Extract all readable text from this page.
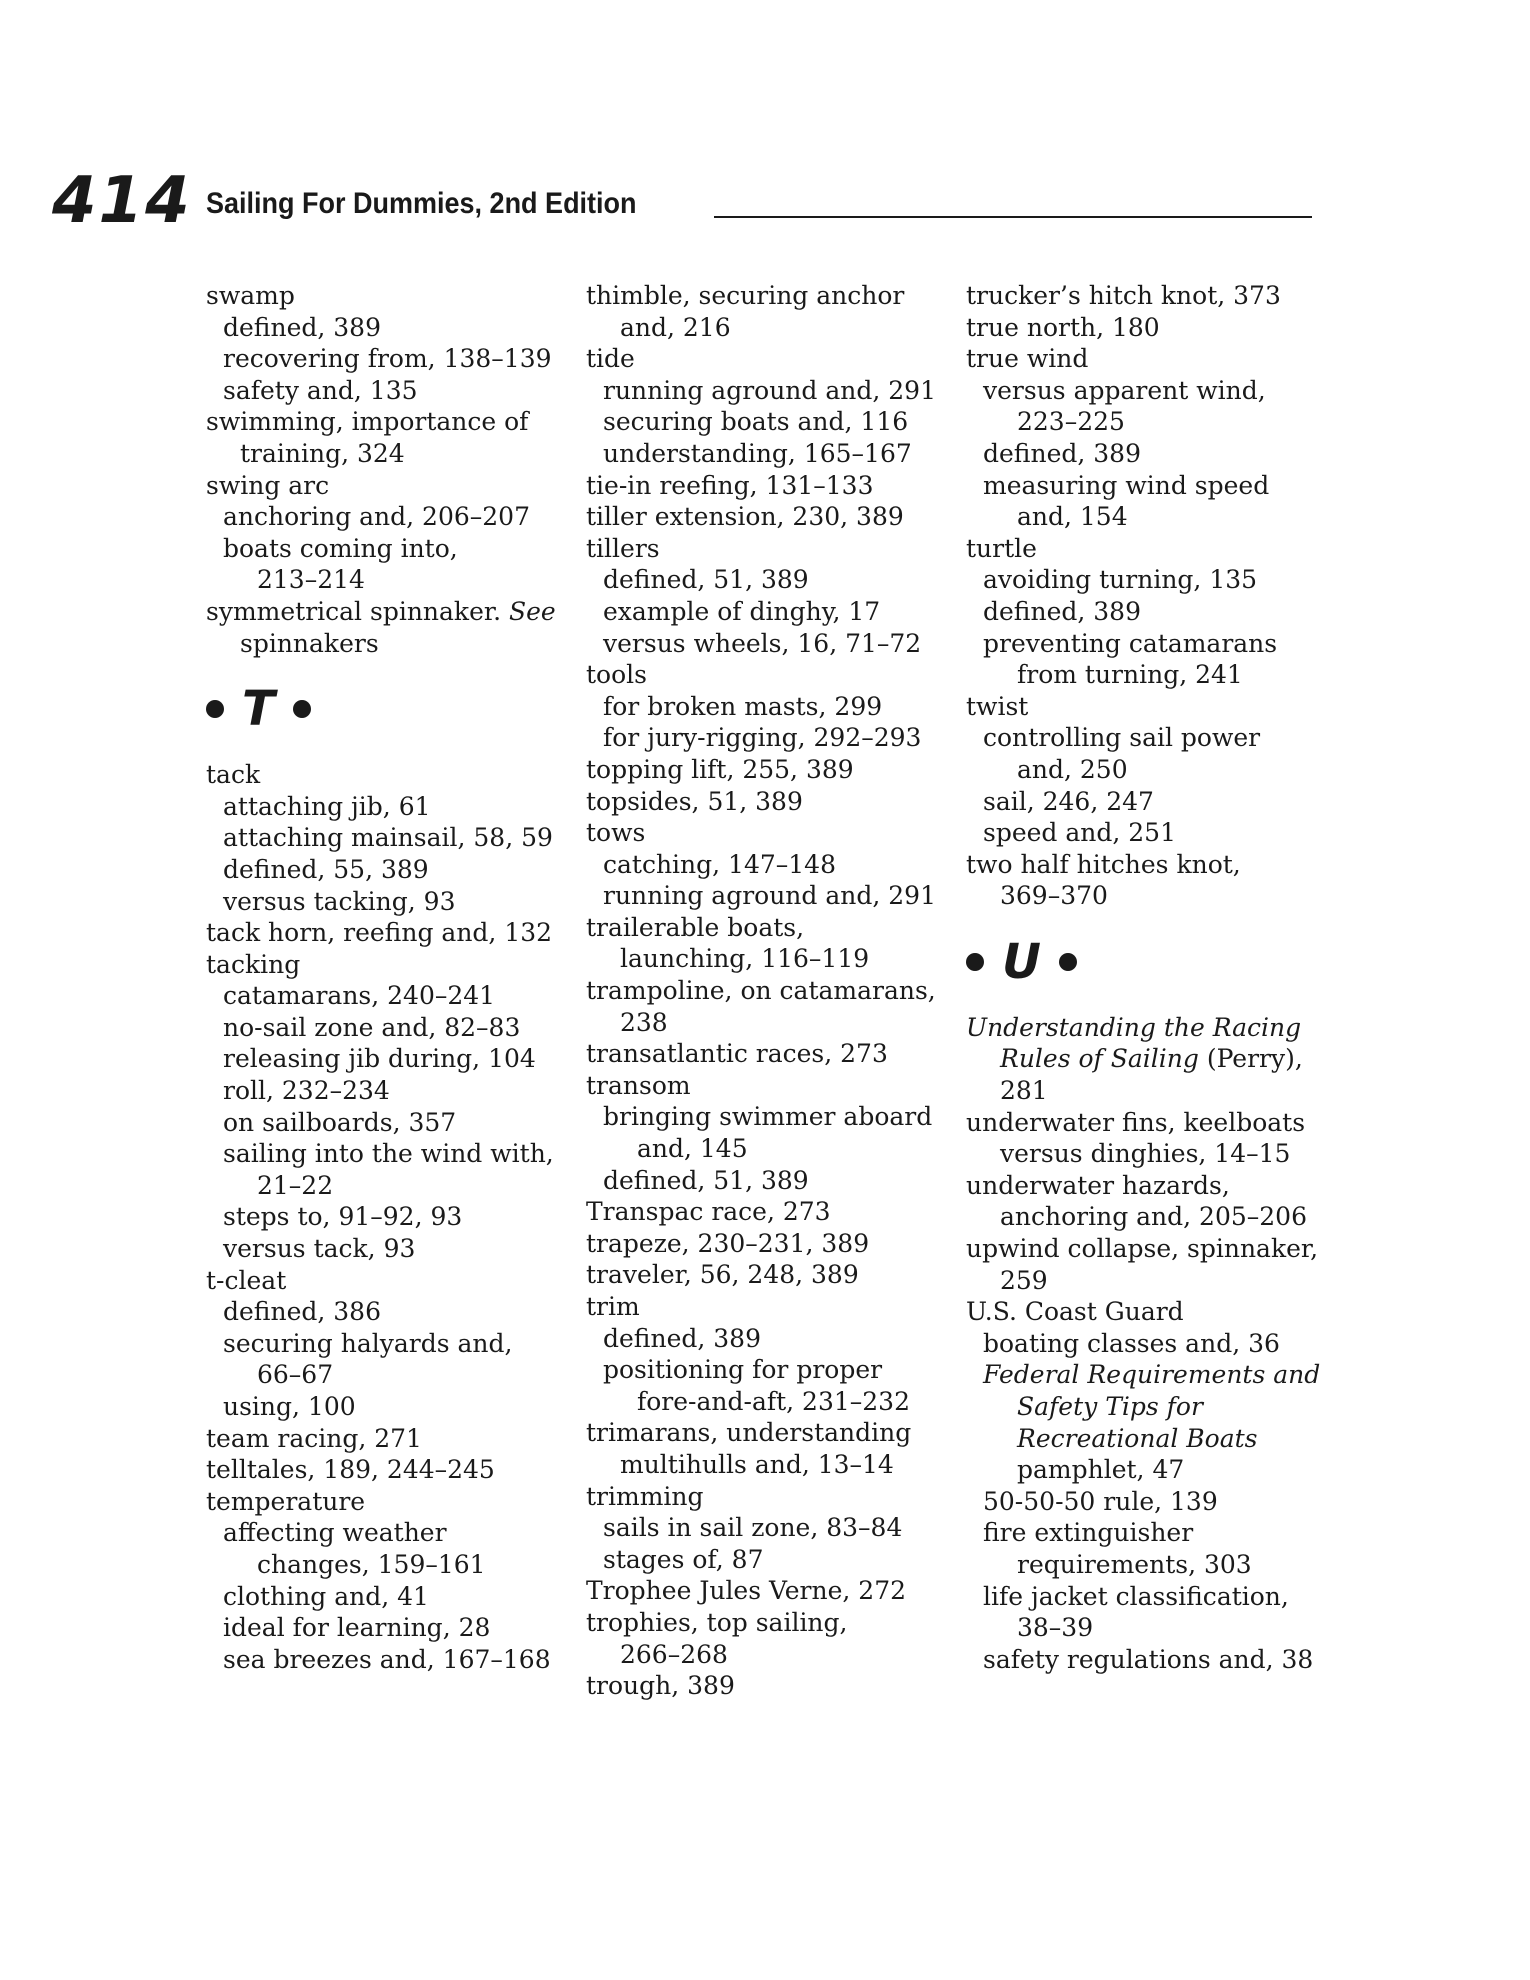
414 Sailing For Dummies, 2nd Edition
swamp
defined, 389
recovering from, 138–139
safety and, 135
swimming, importance of
training, 324
swing arc
anchoring and, 206–207
boats coming into,
213–214
symmetrical spinnaker. See
spinnakers
T
tack
attaching jib, 61
attaching mainsail, 58, 59
defined, 55, 389
versus tacking, 93
tack horn, reefing and, 132
tacking
catamarans, 240–241
no-sail zone and, 82–83
releasing jib during, 104
roll, 232–234
on sailboards, 357
sailing into the wind with,
21–22
steps to, 91–92, 93
versus tack, 93
t-cleat
defined, 386
securing halyards and,
66–67
using, 100
team racing, 271
telltales, 189, 244–245
temperature
affecting weather
changes, 159–161
clothing and, 41
ideal for learning, 28
sea breezes and, 167–168
thimble, securing anchor
and, 216
tide
running aground and, 291
securing boats and, 116
understanding, 165–167
tie-in reefing, 131–133
tiller extension, 230, 389
tillers
defined, 51, 389
example of dinghy, 17
versus wheels, 16, 71–72
tools
for broken masts, 299
for jury-rigging, 292–293
topping lift, 255, 389
topsides, 51, 389
tows
catching, 147–148
running aground and, 291
trailerable boats,
launching, 116–119
trampoline, on catamarans,
238
transatlantic races, 273
transom
bringing swimmer aboard
and, 145
defined, 51, 389
Transpac race, 273
trapeze, 230–231, 389
traveler, 56, 248, 389
trim
defined, 389
positioning for proper
fore-and-aft, 231–232
trimarans, understanding
multihulls and, 13–14
trimming
sails in sail zone, 83–84
stages of, 87
Trophee Jules Verne, 272
trophies, top sailing,
266–268
trough, 389
trucker’s hitch knot, 373
true north, 180
true wind
versus apparent wind,
223–225
defined, 389
measuring wind speed
and, 154
turtle
avoiding turning, 135
defined, 389
preventing catamarans
from turning, 241
twist
controlling sail power
and, 250
sail, 246, 247
speed and, 251
two half hitches knot,
369–370
U
Understanding the Racing
Rules of Sailing (Perry),
281
underwater fins, keelboats
versus dinghies, 14–15
underwater hazards,
anchoring and, 205–206
upwind collapse, spinnaker,
259
U.S. Coast Guard
boating classes and, 36
Federal Requirements and
Safety Tips for
Recreational Boats
pamphlet, 47
50-50-50 rule, 139
fire extinguisher
requirements, 303
life jacket classification,
38–39
safety regulations and, 38
